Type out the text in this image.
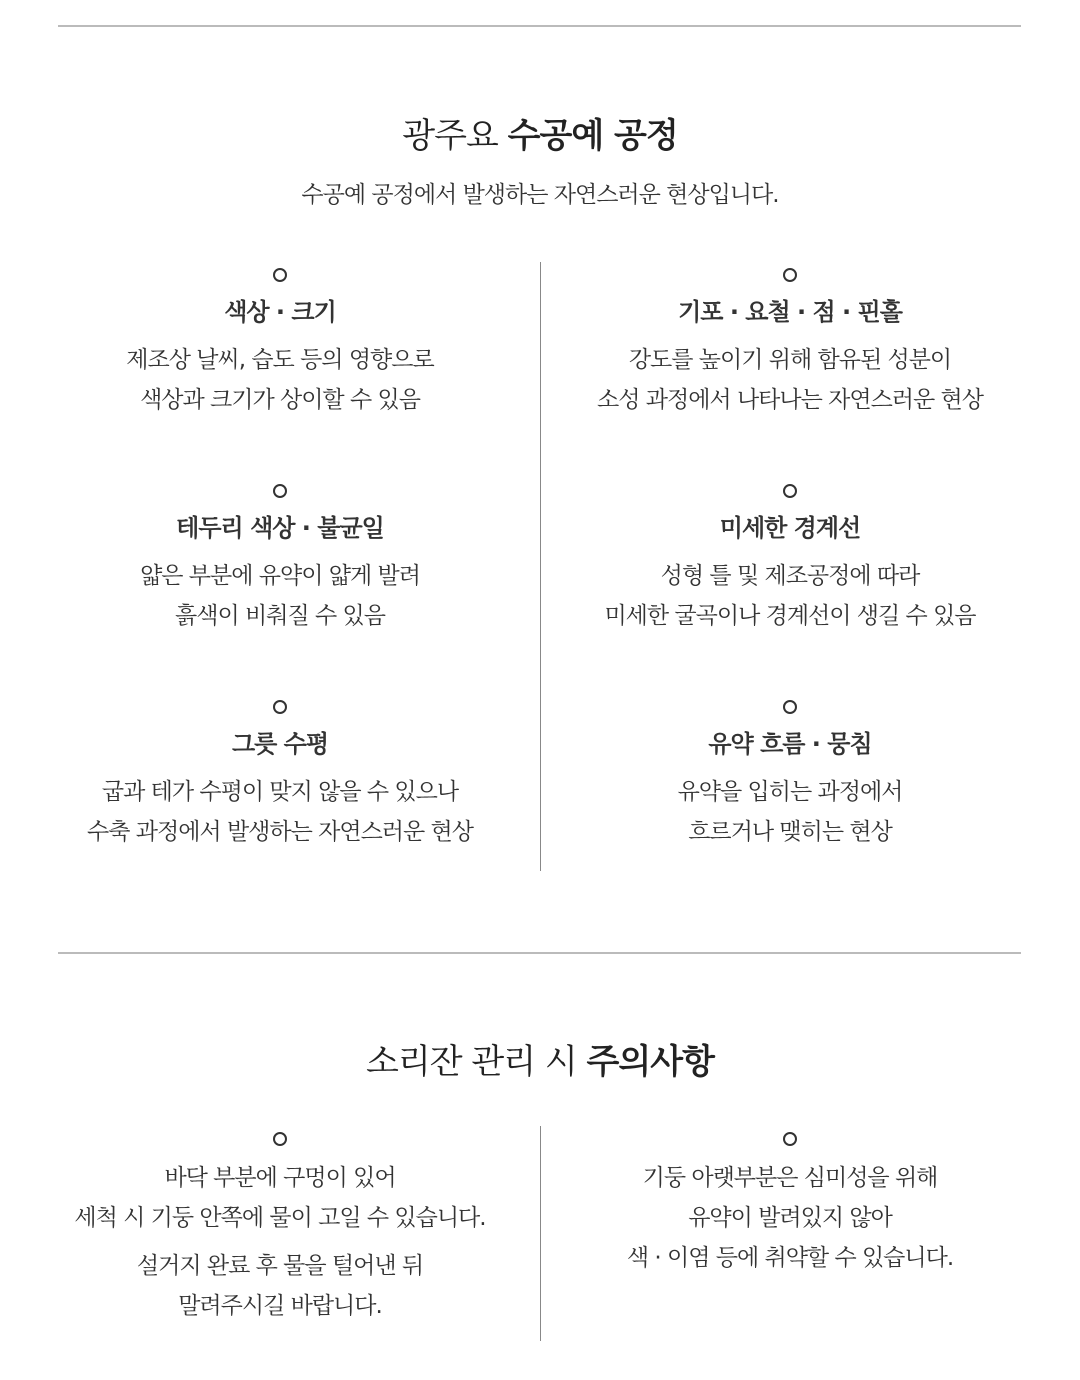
광주요 수공예 공정

수공예 공정에서 발생하는 자연스러운 현상입니다.

색상 · 크기
제조상 날씨, 습도 등의 영향으로
색상과 크기가 상이할 수 있음
기포 · 요철 · 점 · 핀홀
강도를 높이기 위해 함유된 성분이
소성 과정에서 나타나는 자연스러운 현상
테두리 색상 · 불균일
얇은 부분에 유약이 얇게 발려
흙색이 비춰질 수 있음
미세한 경계선
성형 틀 및 제조공정에 따라
미세한 굴곡이나 경계선이 생길 수 있음
그릇 수평
굽과 테가 수평이 맞지 않을 수 있으나
수축 과정에서 발생하는 자연스러운 현상
유약 흐름 · 뭉침
유약을 입히는 과정에서
흐르거나 맺히는 현상
소리잔 관리 시 주의사항
바닥 부분에 구멍이 있어
세척 시 기둥 안쪽에 물이 고일 수 있습니다.
설거지 완료 후 물을 털어낸 뒤
말려주시길 바랍니다.
기둥 아랫부분은 심미성을 위해
유약이 발려있지 않아
색 · 이염 등에 취약할 수 있습니다.
